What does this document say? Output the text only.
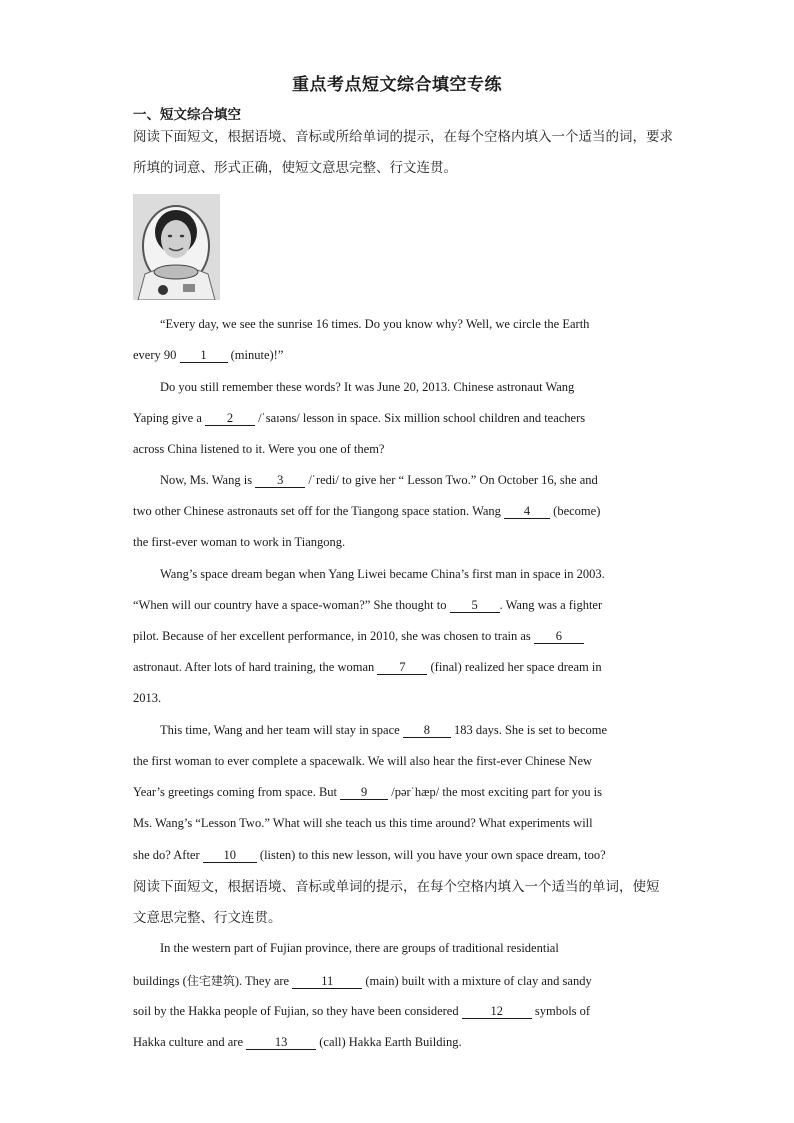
重点考点短文综合填空专练
一、短文综合填空
阅读下面短文，根据语境、音标或所给单词的提示，在每个空格内填入一个适当的词，要求所填的词意、形式正确，使短文意思完整、行文连贯。
“Every day, we see the sunrise 16 times. Do you know why? Well, we circle the Earth
every 90 1 (minute)!”
Do you still remember these words? It was June 20, 2013. Chinese astronaut Wang
Yaping give a 2 /ˈsaɪəns/ lesson in space. Six million school children and teachers
across China listened to it. Were you one of them?
Now, Ms. Wang is 3 /ˈredi/ to give her “ Lesson Two.” On October 16, she and
two other Chinese astronauts set off for the Tiangong space station. Wang 4 (become)
the first-ever woman to work in Tiangong.
Wang’s space dream began when Yang Liwei became China’s first man in space in 2003.
“When will our country have a space-woman?” She thought to 5 . Wang was a fighter
pilot. Because of her excellent performance, in 2010, she was chosen to train as 6
astronaut. After lots of hard training, the woman 7 (final) realized her space dream in
2013.
This time, Wang and her team will stay in space 8 183 days. She is set to become
the first woman to ever complete a spacewalk. We will also hear the first-ever Chinese New
Year’s greetings coming from space. But 9 /pərˈhæp/ the most exciting part for you is
Ms. Wang’s “Lesson Two.” What will she teach us this time around? What experiments will
she do? After 10 (listen) to this new lesson, will you have your own space dream, too?
阅读下面短文，根据语境、音标或单词的提示，在每个空格内填入一个适当的单词，使短文意思完整、行文连贯。
In the western part of Fujian province, there are groups of traditional residential
buildings (住宅建筑). They are 11 (main) built with a mixture of clay and sandy
soil by the Hakka people of Fujian, so they have been considered 12 symbols of
Hakka culture and are 13 (call) Hakka Earth Building.
